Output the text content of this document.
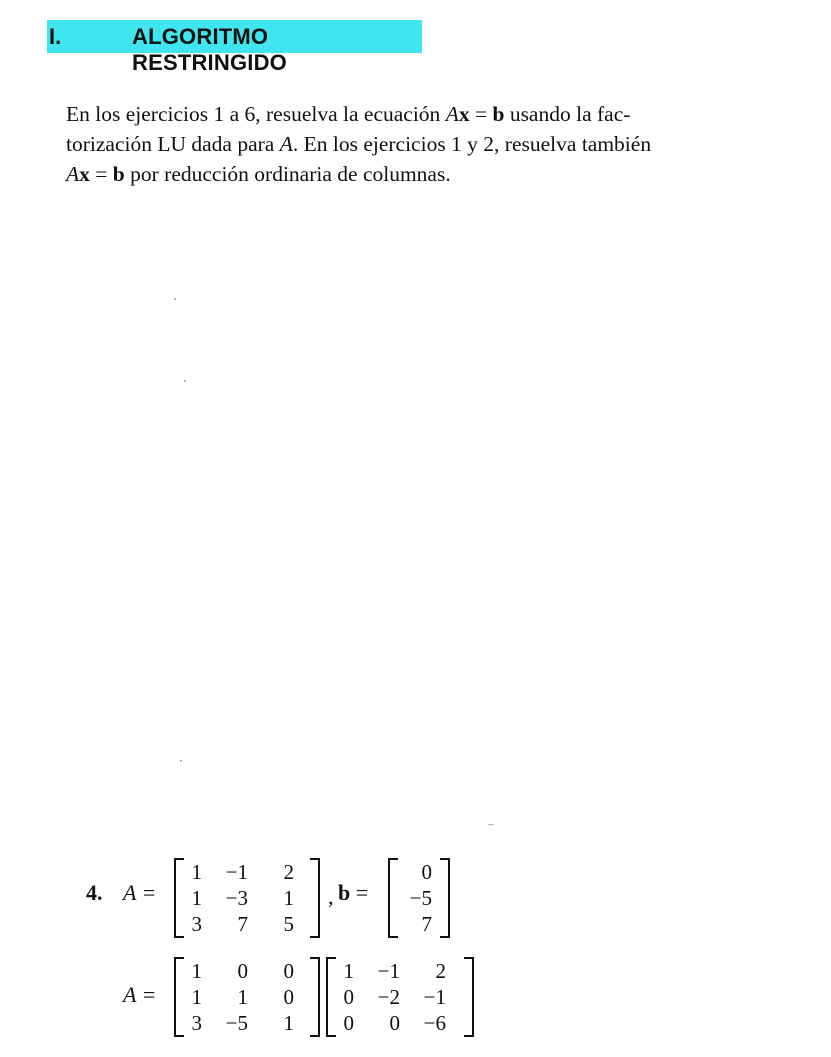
I.	ALGORITMO RESTRINGIDO
En los ejercicios 1 a 6, resuelva la ecuación Ax = b usando la fac-
torización LU dada para A. En los ejercicios 1 y 2, resuelva también
Ax = b por reducción ordinaria de columnas.
4. A =
1	−1	2
1	−3	1
3	7	5
, b =
0
−5
7
A =
1	0	0
1	1	0
3	−5	1
1	−1	2
0	−2	−1
0	0	−6
